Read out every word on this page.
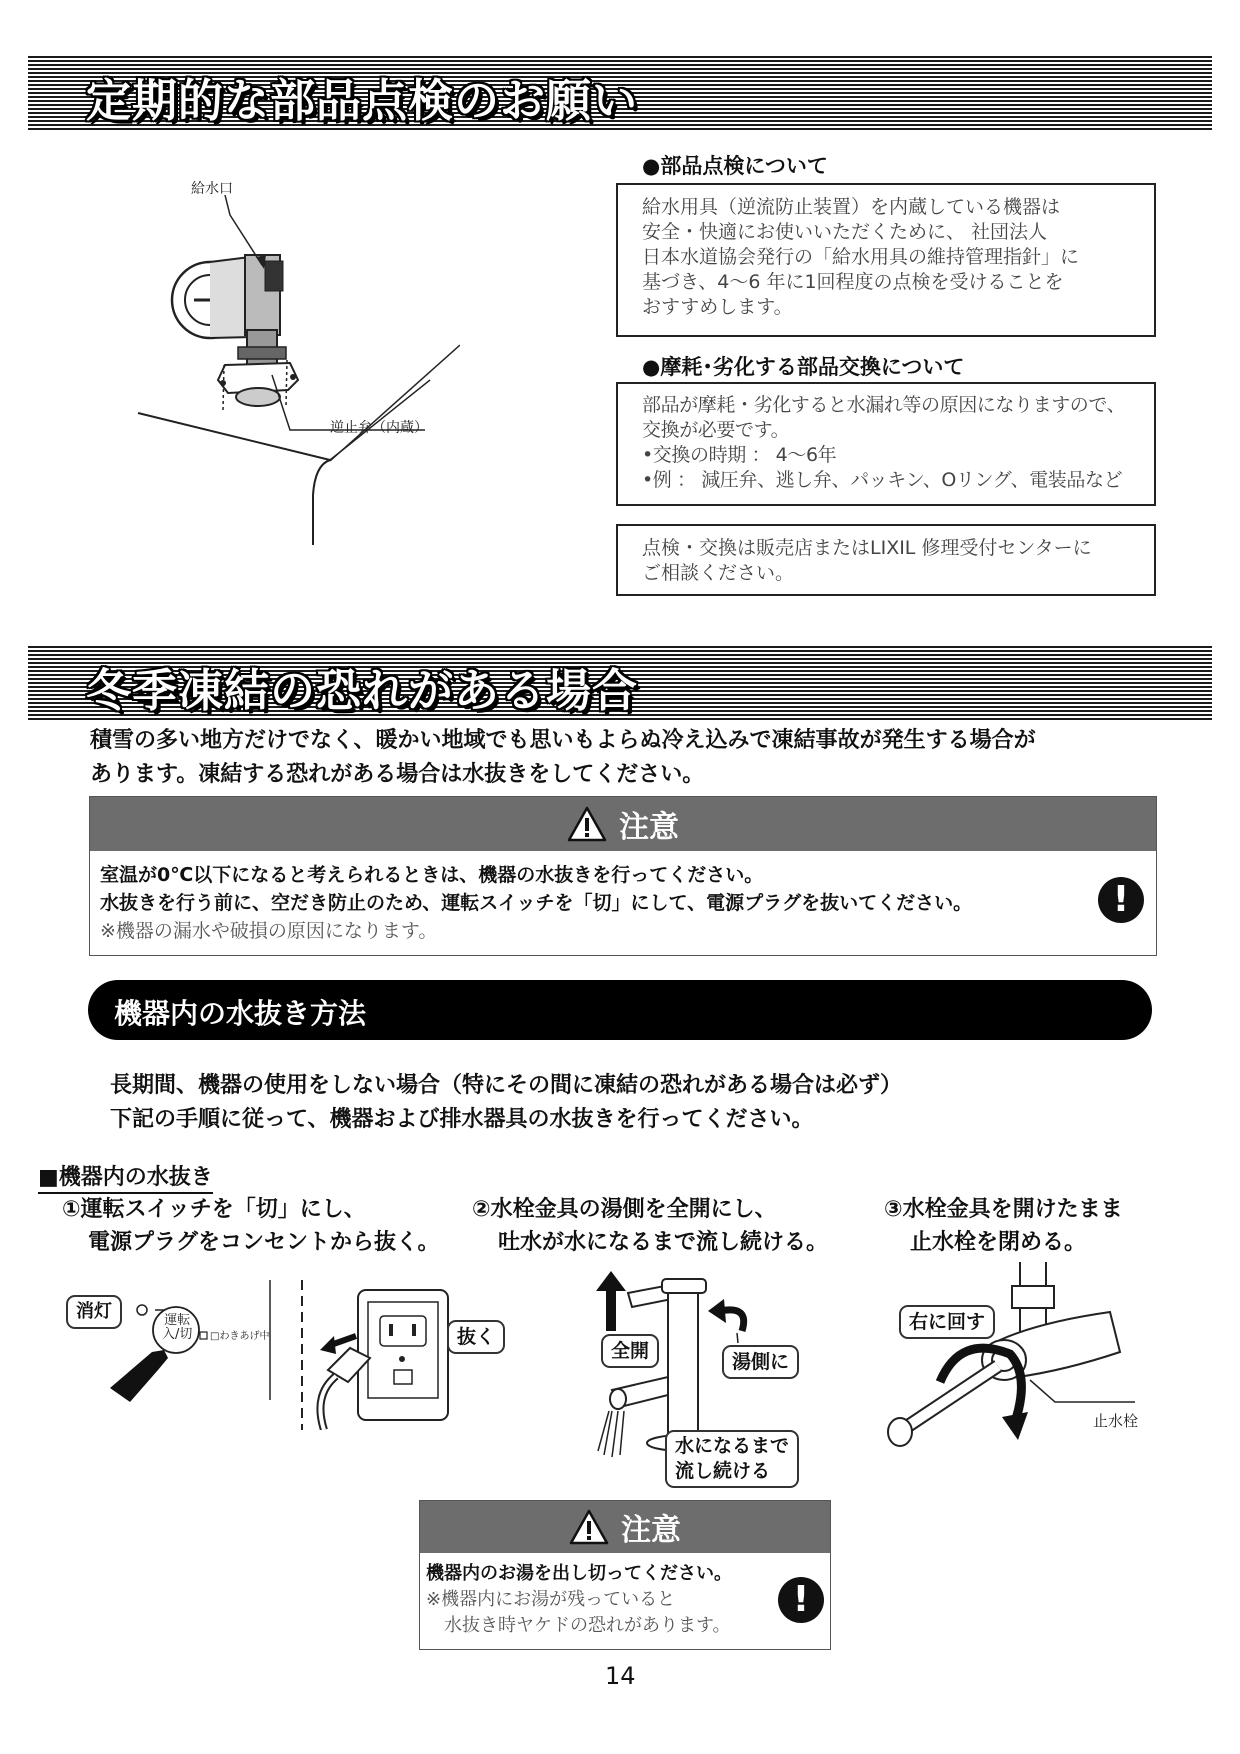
定期的な部品点検のお願い
給水口
逆止弁（内蔵）
●部品点検について
給水用具（逆流防止装置）を内蔵している機器は
安全・快適にお使いいただくために、 社団法人
日本水道協会発行の「給水用具の維持管理指針」に
基づき、4〜6 年に1回程度の点検を受けることを
おすすめします。
●摩耗･劣化する部品交換について
部品が摩耗・劣化すると水漏れ等の原因になりますので、
交換が必要です。
•交換の時期 ： 4〜6年
•例 ： 減圧弁、逃し弁、パッキン、Oリング、電装品など
点検・交換は販売店またはLIXIL 修理受付センターに
ご相談ください。
冬季凍結の恐れがある場合
積雪の多い地方だけでなく、暖かい地域でも思いもよらぬ冷え込みで凍結事故が発生する場合が
あります。凍結する恐れがある場合は水抜きをしてください。
注意
室温が0℃以下になると考えられるときは、機器の水抜きを行ってください。
水抜きを行う前に、空だき防止のため、運転スイッチを「切」にして、電源プラグを抜いてください。
※機器の漏水や破損の原因になります。
!
機器内の水抜き方法
長期間、機器の使用をしない場合（特にその間に凍結の恐れがある場合は必ず）
下記の手順に従って、機器および排水器具の水抜きを行ってください。
■機器内の水抜き
①運転スイッチを「切」にし、
電源プラグをコンセントから抜く。
②水栓金具の湯側を全開にし、
吐水が水になるまで流し続ける。
③水栓金具を開けたまま
止水栓を閉める。
消灯	運転
入/切 □わきあげ中	抜く
全開	湯側に
水になるまで
流し続ける
右に回す
止水栓
注意
機器内のお湯を出し切ってください。
※機器内にお湯が残っていると
　水抜き時ヤケドの恐れがあります。
!
14
